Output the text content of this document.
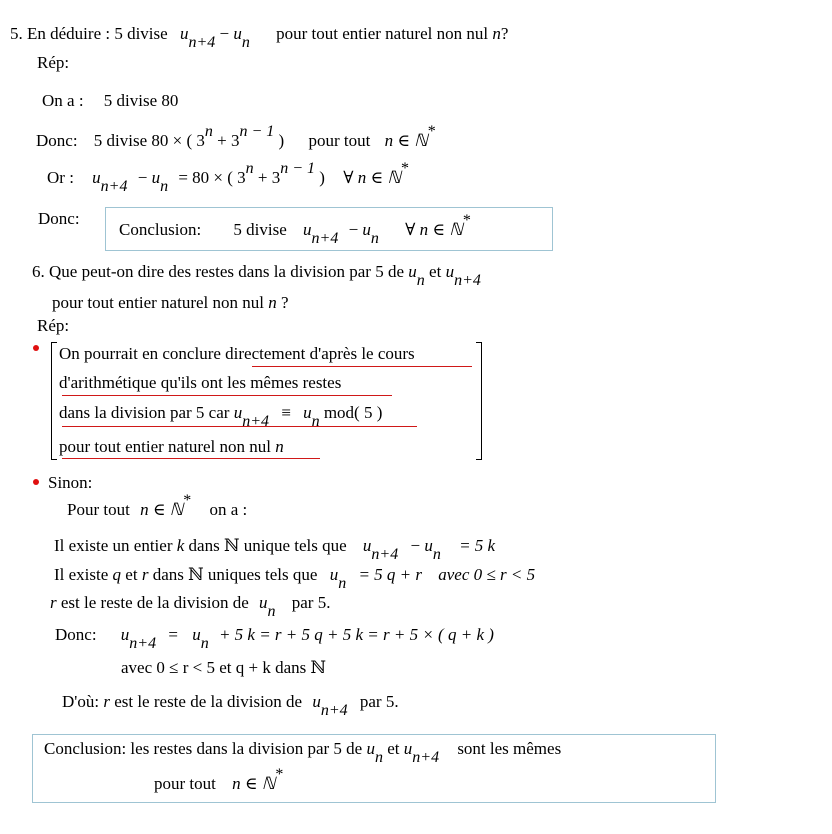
5. En déduire : 5 divise un+4 − un pour tout entier naturel non nul n?
Rép:
On a : 5 divise 80
Donc: 5 divise 80 × ( 3n + 3n − 1 ) pour tout n ∈ ℕ*
Or : un+4 − un = 80 × ( 3n + 3n − 1 ) ∀ n ∈ ℕ*
Donc:
Conclusion: 5 divise un+4 − un ∀ n ∈ ℕ*
6. Que peut-on dire des restes dans la division par 5 de un et un+4
pour tout entier naturel non nul n ?
Rép:
On pourrait en conclure directement d'après le cours
d'arithmétique qu'ils ont les mêmes restes
dans la division par 5 car un+4 ≡ un mod( 5 )
pour tout entier naturel non nul n
Sinon:
Pour tout n ∈ ℕ* on a :
Il existe un entier k dans ℕ unique tels que un+4 − un = 5 k
Il existe q et r dans ℕ uniques tels que un = 5 q + r avec 0 ≤ r < 5
r est le reste de la division de un par 5.
Donc: un+4 = un + 5 k = r + 5 q + 5 k = r + 5 × ( q + k )
avec 0 ≤ r < 5 et q + k dans ℕ
D'où: r est le reste de la division de un+4 par 5.
Conclusion: les restes dans la division par 5 de un et un+4 sont les mêmes
pour tout n ∈ ℕ*
